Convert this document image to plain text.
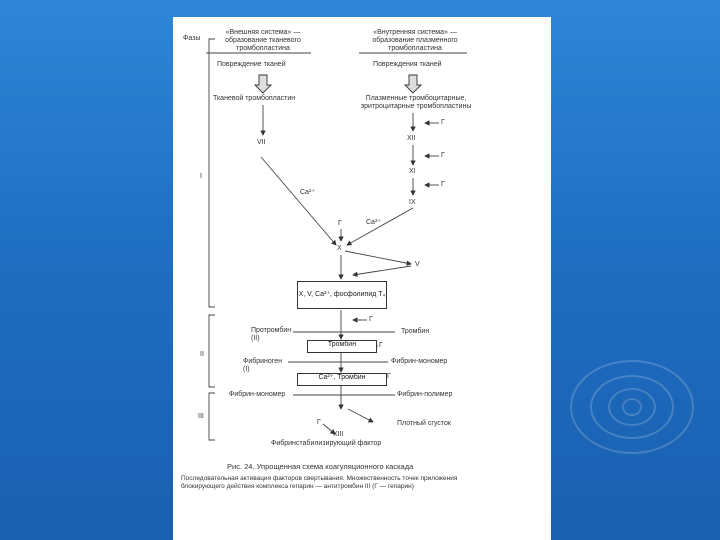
Фазы
I
II
III
«Внешняя система» — образование тканевого тромбопластина
«Внутренняя система» — образование плазменного тромбопластина
Повреждение тканей	Повреждения тканей
Тканевой тромбопластин	Плазменные тромбоцитарные, эритроцитарные тромбопластины
VII
XII
XI
IX
Г
Г
Г
Г
Ca²⁺
Ca²⁺
X
V
X, V, Ca²⁺, фосфолипид Т₄
Г
Протромбин (II)
Тромбин
Тромбин	Г
Фибриноген (I)
Фибрин-мономер
Ca²⁺, Тромбин	Г
Фибрин-мономер	Фибрин-полимер
Плотный сгусток
Г
XIII
Фибринстабилизирующий фактор
Рис. 24. Упрощенная схема коагуляционного каскада
Последовательная активация факторов свертывания. Множественность точек приложения блокирующего действия комплекса гепарин — антитромбин III (Г — гепарин)
